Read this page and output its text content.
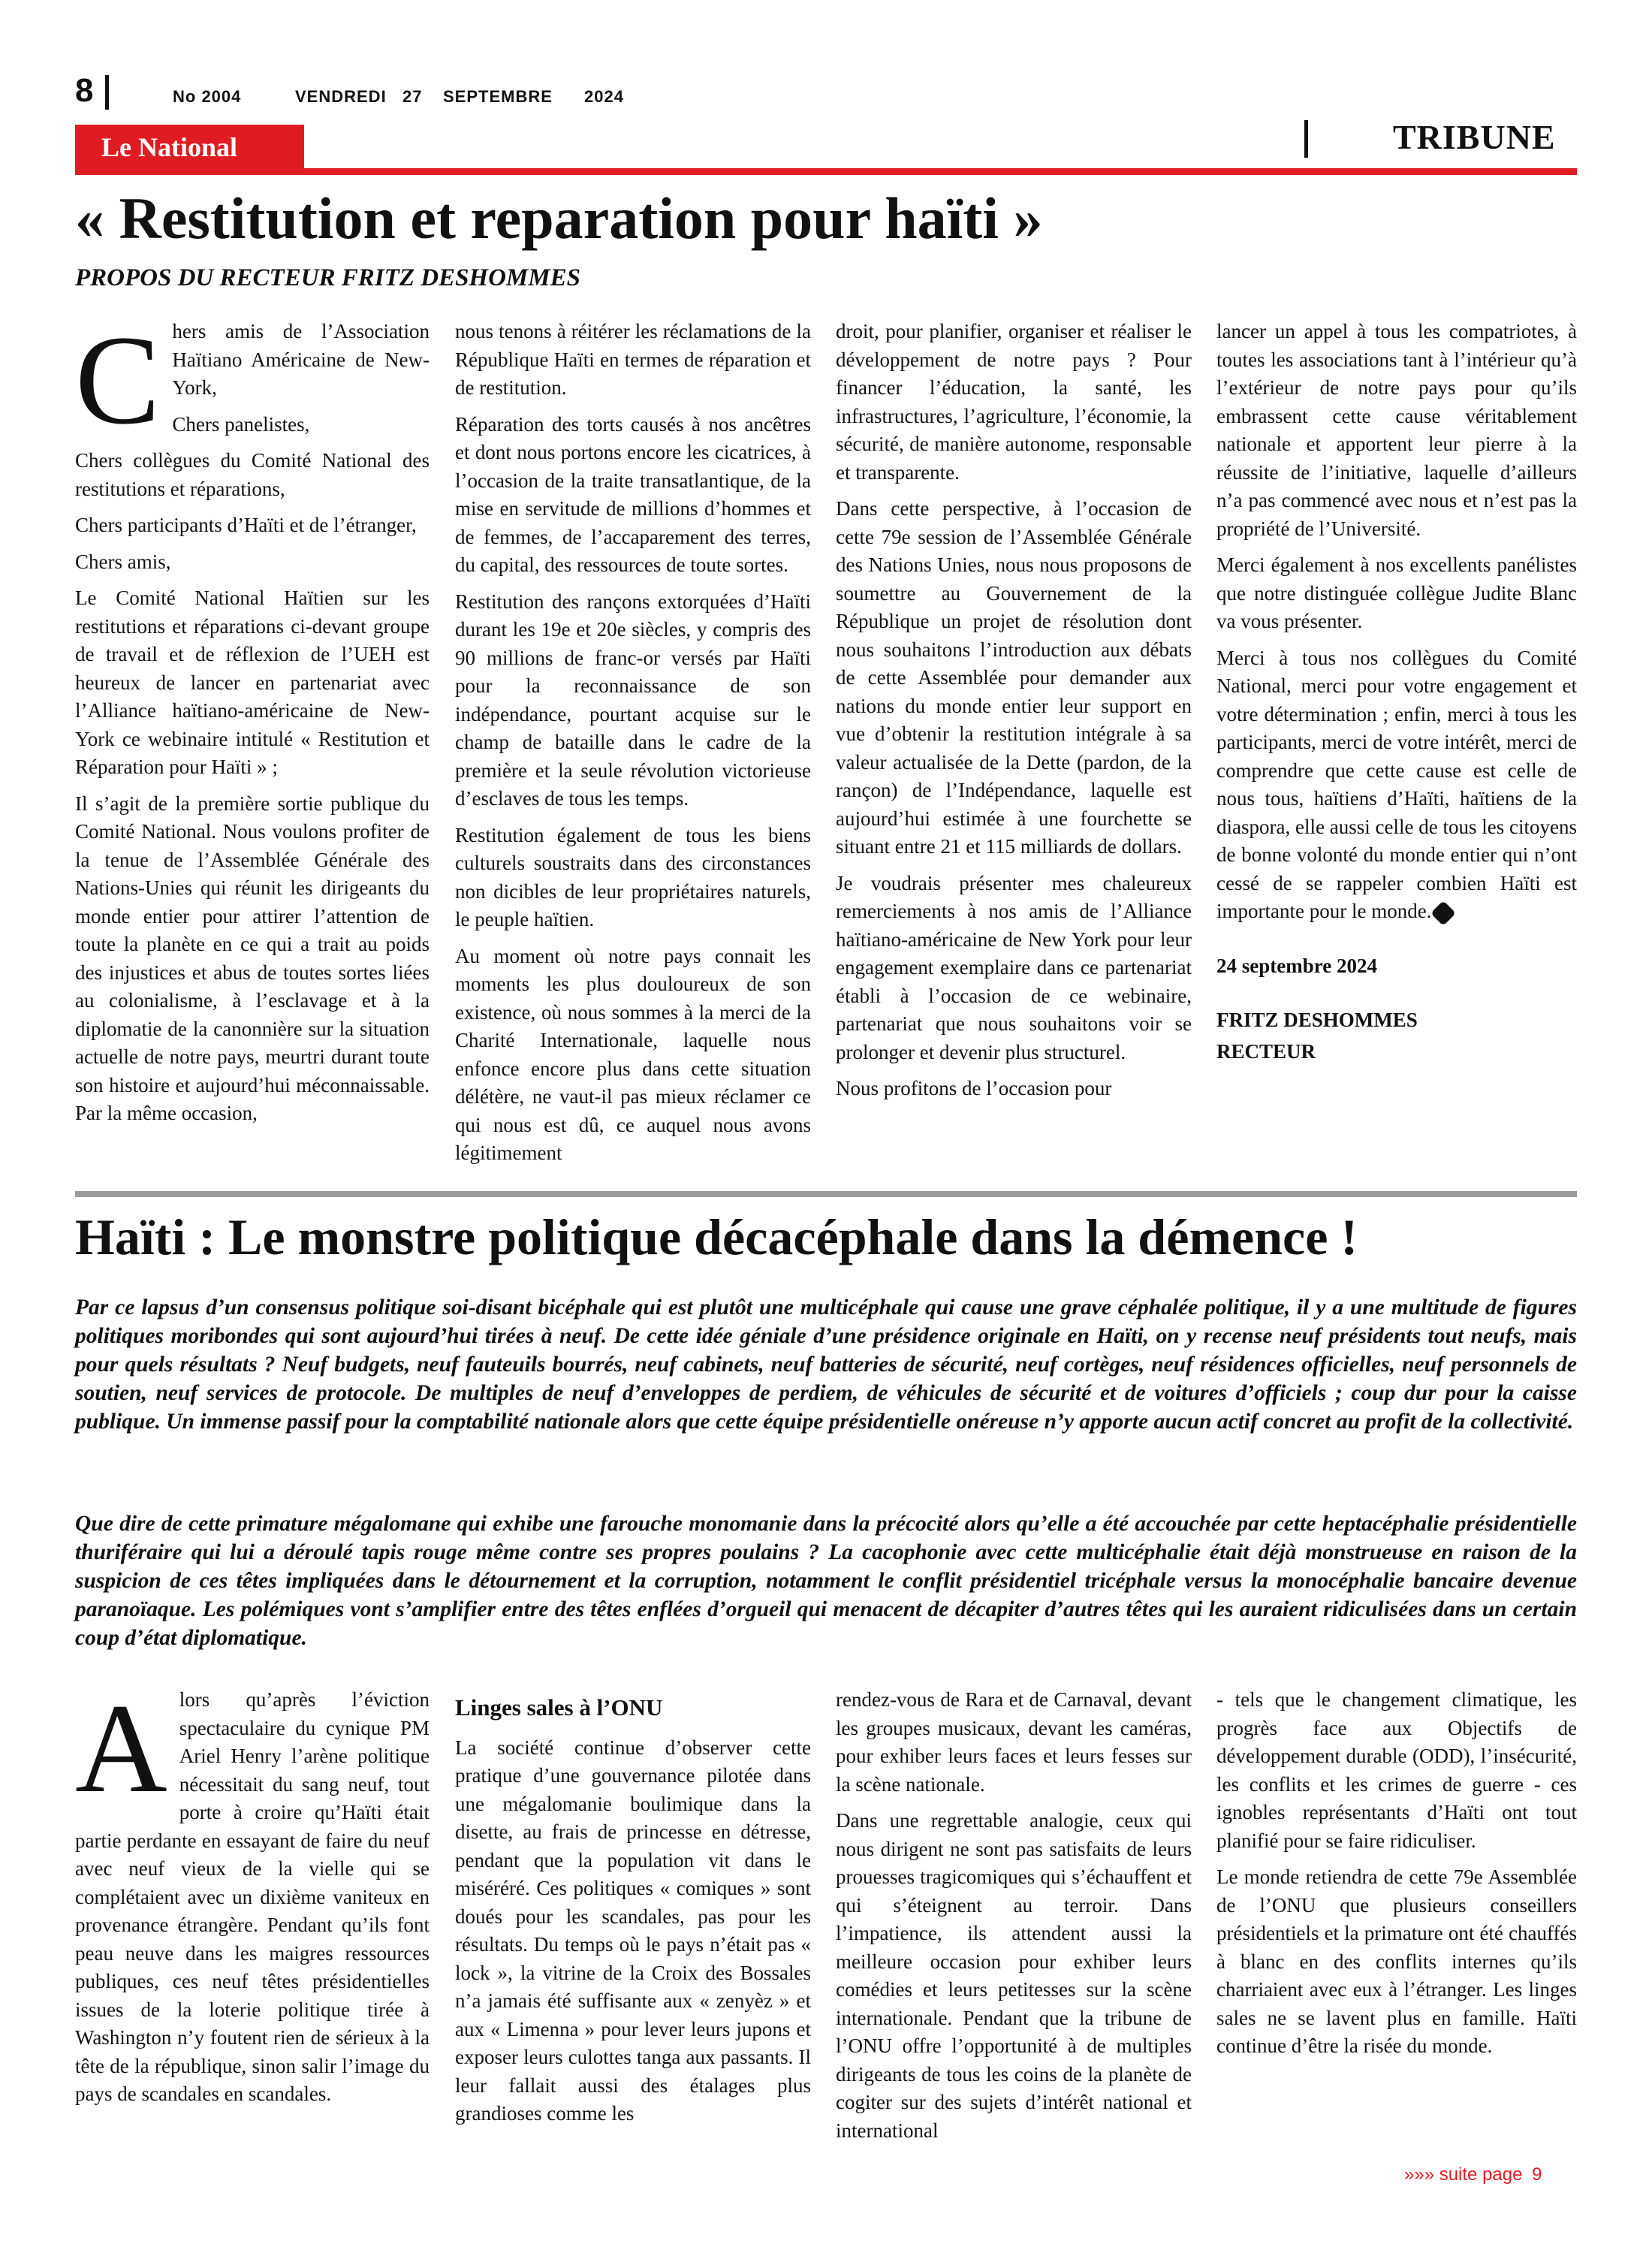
8	No 2004	VENDREDI 27 SEPTEMBRE 2024
Le National	TRIBUNE
« Restitution et reparation pour haïti »
PROPOS DU RECTEUR FRITZ DESHOMMES
C hers amis de l’Association Haïtiano Américaine de New-York,

Chers panelistes,

Chers collègues du Comité National des restitutions et réparations,

Chers participants d’Haïti et de l’étranger,

Chers amis,

Le Comité National Haïtien sur les restitutions et réparations ci-devant groupe de travail et de réflexion de l’UEH est heureux de lancer en partenariat avec l’Alliance haïtiano-américaine de New-York ce webinaire intitulé « Restitution et Réparation pour Haïti » ;

Il s’agit de la première sortie publique du Comité National. Nous voulons profiter de la tenue de l’Assemblée Générale des Nations-Unies qui réunit les dirigeants du monde entier pour attirer l’attention de toute la planète en ce qui a trait au poids des injustices et abus de toutes sortes liées au colonialisme, à l’esclavage et à la diplomatie de la canonnière sur la situation actuelle de notre pays, meurtri durant toute son histoire et aujourd’hui méconnaissable. Par la même occasion,

nous tenons à réitérer les réclamations de la République Haïti en termes de réparation et de restitution.

Réparation des torts causés à nos ancêtres et dont nous portons encore les cicatrices, à l’occasion de la traite transatlantique, de la mise en servitude de millions d’hommes et de femmes, de l’accaparement des terres, du capital, des ressources de toute sortes.

Restitution des rançons extorquées d’Haïti durant les 19e et 20e siècles, y compris des 90 millions de franc-or versés par Haïti pour la reconnaissance de son indépendance, pourtant acquise sur le champ de bataille dans le cadre de la première et la seule révolution victorieuse d’esclaves de tous les temps.

Restitution également de tous les biens culturels soustraits dans des circonstances non dicibles de leur propriétaires naturels, le peuple haïtien.

Au moment où notre pays connait les moments les plus douloureux de son existence, où nous sommes à la merci de la Charité Internationale, laquelle nous enfonce encore plus dans cette situation délétère, ne vaut-il pas mieux réclamer ce qui nous est dû, ce auquel nous avons légitimement

droit, pour planifier, organiser et réaliser le développement de notre pays ? Pour financer l’éducation, la santé, les infrastructures, l’agriculture, l’économie, la sécurité, de manière autonome, responsable et transparente.

Dans cette perspective, à l’occasion de cette 79e session de l’Assemblée Générale des Nations Unies, nous nous proposons de soumettre au Gouvernement de la République un projet de résolution dont nous souhaitons l’introduction aux débats de cette Assemblée pour demander aux nations du monde entier leur support en vue d’obtenir la restitution intégrale à sa valeur actualisée de la Dette (pardon, de la rançon) de l’Indépendance, laquelle est aujourd’hui estimée à une fourchette se situant entre 21 et 115 milliards de dollars.

Je voudrais présenter mes chaleureux remerciements à nos amis de l’Alliance haïtiano-américaine de New York pour leur engagement exemplaire dans ce partenariat établi à l’occasion de ce webinaire, partenariat que nous souhaitons voir se prolonger et devenir plus structurel.

Nous profitons de l’occasion pour

lancer un appel à tous les compatriotes, à toutes les associations tant à l’intérieur qu’à l’extérieur de notre pays pour qu’ils embrassent cette cause véritablement nationale et apportent leur pierre à la réussite de l’initiative, laquelle d’ailleurs n’a pas commencé avec nous et n’est pas la propriété de l’Université.

Merci également à nos excellents panélistes que notre distinguée collègue Judite Blanc va vous présenter.

Merci à tous nos collègues du Comité National, merci pour votre engagement et votre détermination ; enfin, merci à tous les participants, merci de votre intérêt, merci de comprendre que cette cause est celle de nous tous, haïtiens d’Haïti, haïtiens de la diaspora, elle aussi celle de tous les citoyens de bonne volonté du monde entier qui n’ont cessé de se rappeler combien Haïti est importante pour le monde.

24 septembre 2024

FRITZ DESHOMMES

RECTEUR

Haïti : Le monstre politique décacéphale dans la démence !
Par ce lapsus d’un consensus politique soi-disant bicéphale qui est plutôt une multicéphale qui cause une grave céphalée politique, il y a une multitude de figures politiques moribondes qui sont aujourd’hui tirées à neuf. De cette idée géniale d’une présidence originale en Haïti, on y recense neuf présidents tout neufs, mais pour quels résultats ? Neuf budgets, neuf fauteuils bourrés, neuf cabinets, neuf batteries de sécurité, neuf cortèges, neuf résidences officielles, neuf personnels de soutien, neuf services de protocole. De multiples de neuf d’enveloppes de perdiem, de véhicules de sécurité et de voitures d’officiels ; coup dur pour la caisse publique. Un immense passif pour la comptabilité nationale alors que cette équipe présidentielle onéreuse n’y apporte aucun actif concret au profit de la collectivité.
Que dire de cette primature mégalomane qui exhibe une farouche monomanie dans la précocité alors qu’elle a été accouchée par cette heptacéphalie présidentielle thuriféraire qui lui a déroulé tapis rouge même contre ses propres poulains ? La cacophonie avec cette multicéphalie était déjà monstrueuse en raison de la suspicion de ces têtes impliquées dans le détournement et la corruption, notamment le conflit présidentiel tricéphale versus la monocéphalie bancaire devenue paranoïaque. Les polémiques vont s’amplifier entre des têtes enflées d’orgueil qui menacent de décapiter d’autres têtes qui les auraient ridiculisées dans un certain coup d’état diplomatique.
A lors qu’après l’éviction spectaculaire du cynique PM Ariel Henry l’arène politique nécessitait du sang neuf, tout porte à croire qu’Haïti était partie perdante en essayant de faire du neuf avec neuf vieux de la vielle qui se complétaient avec un dixième vaniteux en provenance étrangère. Pendant qu’ils font peau neuve dans les maigres ressources publiques, ces neuf têtes présidentielles issues de la loterie politique tirée à Washington n’y foutent rien de sérieux à la tête de la république, sinon salir l’image du pays de scandales en scandales.

Linges sales à l’ONU

La société continue d’observer cette pratique d’une gouvernance pilotée dans une mégalomanie boulimique dans la disette, au frais de princesse en détresse, pendant que la population vit dans le miséréré. Ces politiques « comiques » sont doués pour les scandales, pas pour les résultats. Du temps où le pays n’était pas « lock », la vitrine de la Croix des Bossales n’a jamais été suffisante aux « zenyèz » et aux « Limenna » pour lever leurs jupons et exposer leurs culottes tanga aux passants. Il leur fallait aussi des étalages plus grandioses comme les

rendez-vous de Rara et de Carnaval, devant les groupes musicaux, devant les caméras, pour exhiber leurs faces et leurs fesses sur la scène nationale.

Dans une regrettable analogie, ceux qui nous dirigent ne sont pas satisfaits de leurs prouesses tragicomiques qui s’échauffent et qui s’éteignent au terroir. Dans l’impatience, ils attendent aussi la meilleure occasion pour exhiber leurs comédies et leurs petitesses sur la scène internationale. Pendant que la tribune de l’ONU offre l’opportunité à de multiples dirigeants de tous les coins de la planète de cogiter sur des sujets d’intérêt national et international

- tels que le changement climatique, les progrès face aux Objectifs de développement durable (ODD), l’insécurité, les conflits et les crimes de guerre - ces ignobles représentants d’Haïti ont tout planifié pour se faire ridiculiser.

Le monde retiendra de cette 79e Assemblée de l’ONU que plusieurs conseillers présidentiels et la primature ont été chauffés à blanc en des conflits internes qu’ils charriaient avec eux à l’étranger. Les linges sales ne se lavent plus en famille. Haïti continue d’être la risée du monde.

»»» suite page 9
